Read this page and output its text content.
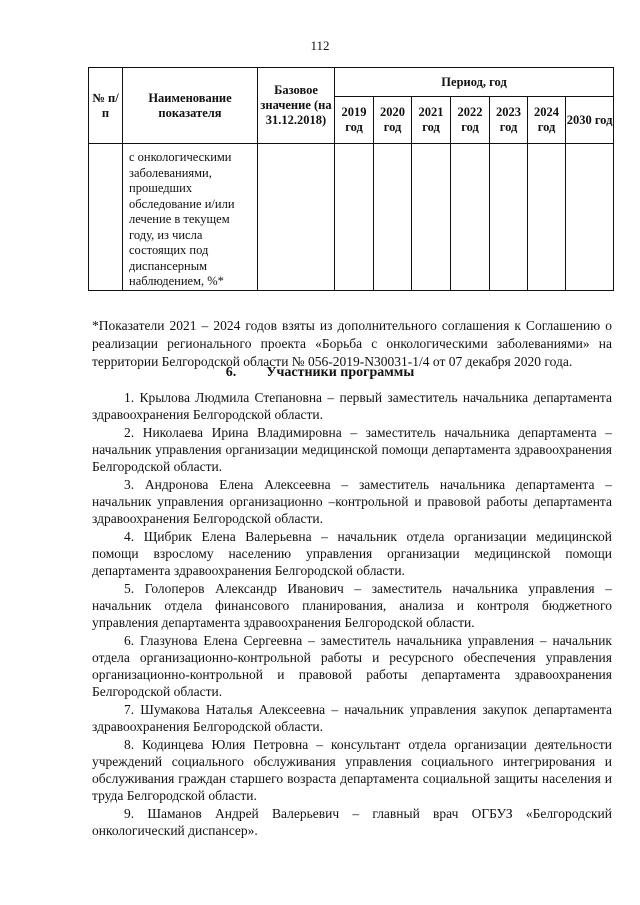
112
№ п/п	Наименование показателя	Базовое значение (на 31.12.2018)	Период, год						
			2019 год	2020 год	2021 год	2022 год	2023 год	2024 год	2030 год
	с онкологическими заболеваниями, прошедших обследование и/или лечение в текущем году, из числа состоящих под диспансерным наблюдением, %*								

*Показатели 2021 – 2024 годов взяты из дополнительного соглашения к Соглашению о реализации регионального проекта «Борьба с онкологическими заболеваниями» на территории Белгородской области № 056-2019-N30031-1/4 от 07 декабря 2020 года.

6. Участники программы

1. Крылова Людмила Степановна – первый заместитель начальника департамента здравоохранения Белгородской области.

2. Николаева Ирина Владимировна – заместитель начальника департамента – начальник управления организации медицинской помощи департамента здравоохранения Белгородской области.

3. Андронова Елена Алексеевна – заместитель начальника департамента – начальник управления организационно –контрольной и правовой работы департамента здравоохранения Белгородской области.

4. Щибрик Елена Валерьевна – начальник отдела организации медицинской помощи взрослому населению управления организации медицинской помощи департамента здравоохранения Белгородской области.

5. Голоперов Александр Иванович – заместитель начальника управления – начальник отдела финансового планирования, анализа и контроля бюджетного управления департамента здравоохранения Белгородской области.

6. Глазунова Елена Сергеевна – заместитель начальника управления – начальник отдела организационно-контрольной работы и ресурсного обеспечения управления организационно-контрольной и правовой работы департамента здравоохранения Белгородской области.

7. Шумакова Наталья Алексеевна – начальник управления закупок департамента здравоохранения Белгородской области.

8. Кодинцева Юлия Петровна – консультант отдела организации деятельности учреждений социального обслуживания управления социального интегрирования и обслуживания граждан старшего возраста департамента социальной защиты населения и труда Белгородской области.

9. Шаманов Андрей Валерьевич – главный врач ОГБУЗ «Белгородский онкологический диспансер».
